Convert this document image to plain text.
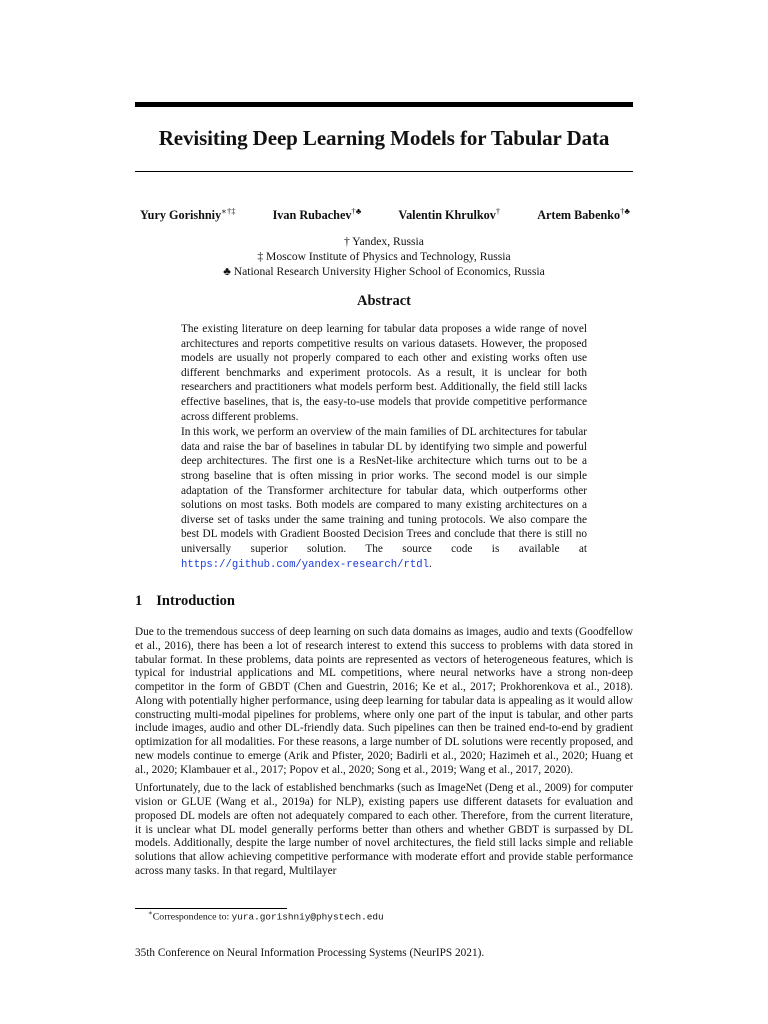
Revisiting Deep Learning Models for Tabular Data
Yury Gorishniy∗†‡	Ivan Rubachev†♣	Valentin Khrulkov†	Artem Babenko†♣
† Yandex, Russia
‡ Moscow Institute of Physics and Technology, Russia
♣ National Research University Higher School of Economics, Russia
Abstract

The existing literature on deep learning for tabular data proposes a wide range of novel architectures and reports competitive results on various datasets. However, the proposed models are usually not properly compared to each other and existing works often use different benchmarks and experiment protocols. As a result, it is unclear for both researchers and practitioners what models perform best. Additionally, the field still lacks effective baselines, that is, the easy-to-use models that provide competitive performance across different problems.

In this work, we perform an overview of the main families of DL architectures for tabular data and raise the bar of baselines in tabular DL by identifying two simple and powerful deep architectures. The first one is a ResNet-like architecture which turns out to be a strong baseline that is often missing in prior works. The second model is our simple adaptation of the Transformer architecture for tabular data, which outperforms other solutions on most tasks. Both models are compared to many existing architectures on a diverse set of tasks under the same training and tuning protocols. We also compare the best DL models with Gradient Boosted Decision Trees and conclude that there is still no universally superior solution. The source code is available at https://github.com/yandex-research/rtdl.

1 Introduction

Due to the tremendous success of deep learning on such data domains as images, audio and texts (Goodfellow et al., 2016), there has been a lot of research interest to extend this success to problems with data stored in tabular format. In these problems, data points are represented as vectors of heterogeneous features, which is typical for industrial applications and ML competitions, where neural networks have a strong non-deep competitor in the form of GBDT (Chen and Guestrin, 2016; Ke et al., 2017; Prokhorenkova et al., 2018). Along with potentially higher performance, using deep learning for tabular data is appealing as it would allow constructing multi-modal pipelines for problems, where only one part of the input is tabular, and other parts include images, audio and other DL-friendly data. Such pipelines can then be trained end-to-end by gradient optimization for all modalities. For these reasons, a large number of DL solutions were recently proposed, and new models continue to emerge (Arik and Pfister, 2020; Badirli et al., 2020; Hazimeh et al., 2020; Huang et al., 2020; Klambauer et al., 2017; Popov et al., 2020; Song et al., 2019; Wang et al., 2017, 2020).

Unfortunately, due to the lack of established benchmarks (such as ImageNet (Deng et al., 2009) for computer vision or GLUE (Wang et al., 2019a) for NLP), existing papers use different datasets for evaluation and proposed DL models are often not adequately compared to each other. Therefore, from the current literature, it is unclear what DL model generally performs better than others and whether GBDT is surpassed by DL models. Additionally, despite the large number of novel architectures, the field still lacks simple and reliable solutions that allow achieving competitive performance with moderate effort and provide stable performance across many tasks. In that regard, Multilayer

∗Correspondence to: yura.gorishniy@phystech.edu
35th Conference on Neural Information Processing Systems (NeurIPS 2021).
